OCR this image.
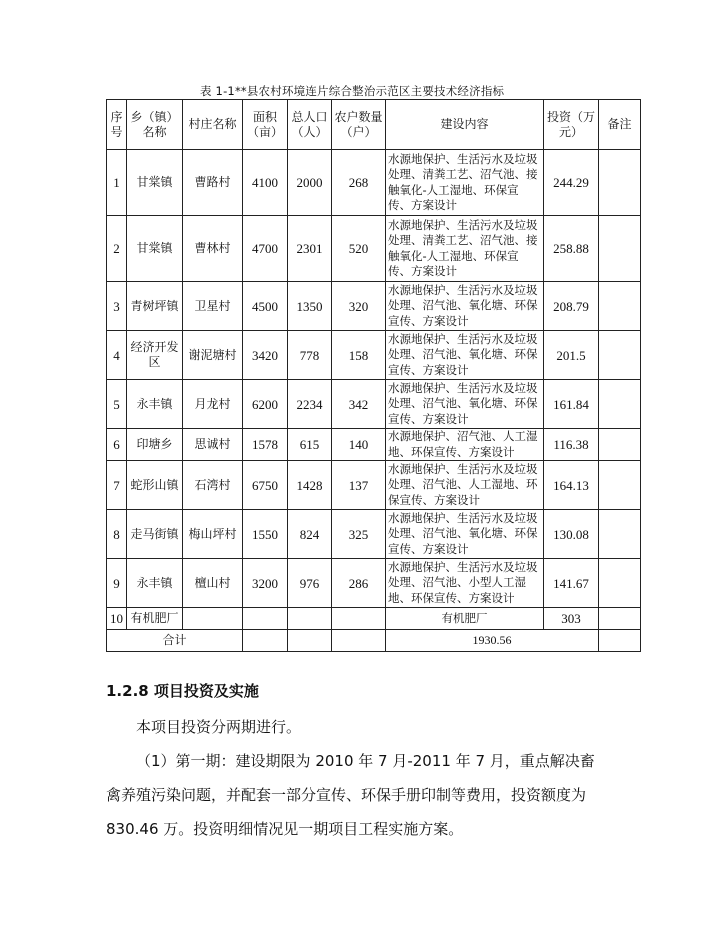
表 1-1**县农村环境连片综合整治示范区主要技术经济指标
序号	乡（镇）名称	村庄名称	面积（亩）	总人口（人）	农户数量（户）	建设内容	投资（万元）	备注
1	甘棠镇	曹路村	4100	2000	268	水源地保护、生活污水及垃圾处理、清粪工艺、沼气池、接触氧化-人工湿地、环保宣传、方案设计	244.29	
2	甘棠镇	曹林村	4700	2301	520	水源地保护、生活污水及垃圾处理、清粪工艺、沼气池、接触氧化-人工湿地、环保宣传、方案设计	258.88	
3	青树坪镇	卫星村	4500	1350	320	水源地保护、生活污水及垃圾处理、沼气池、氧化塘、环保宣传、方案设计	208.79	
4	经济开发区	谢泥塘村	3420	778	158	水源地保护、生活污水及垃圾处理、沼气池、氧化塘、环保宣传、方案设计	201.5	
5	永丰镇	月龙村	6200	2234	342	水源地保护、生活污水及垃圾处理、沼气池、氧化塘、环保宣传、方案设计	161.84	
6	印塘乡	思诚村	1578	615	140	水源地保护、沼气池、人工湿地、环保宣传、方案设计	116.38	
7	蛇形山镇	石湾村	6750	1428	137	水源地保护、生活污水及垃圾处理、沼气池、人工湿地、环保宣传、方案设计	164.13	
8	走马街镇	梅山坪村	1550	824	325	水源地保护、生活污水及垃圾处理、沼气池、氧化塘、环保宣传、方案设计	130.08	
9	永丰镇	檀山村	3200	976	286	水源地保护、生活污水及垃圾处理、沼气池、小型人工湿地、环保宣传、方案设计	141.67	
10	有机肥厂					有机肥厂	303	
合计						1930.56		
1.2.8 项目投资及实施

本项目投资分两期进行。

（1）第一期：建设期限为 2010 年 7 月-2011 年 7 月，重点解决畜禽养殖污染问题，并配套一部分宣传、环保手册印制等费用，投资额度为 830.46 万。投资明细情况见一期项目工程实施方案。
